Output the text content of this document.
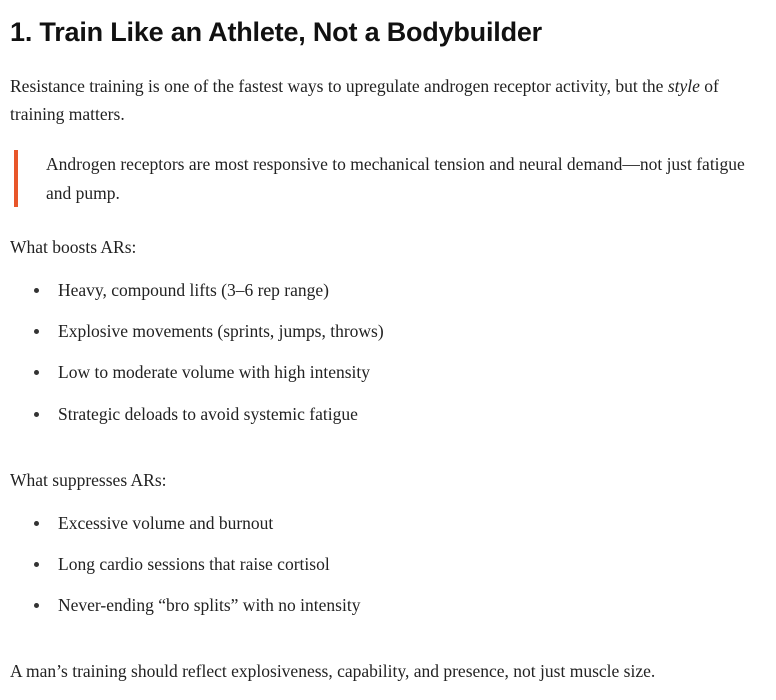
1. Train Like an Athlete, Not a Bodybuilder

Resistance training is one of the fastest ways to upregulate androgen receptor activity, but the style of training matters.

Androgen receptors are most responsive to mechanical tension and neural demand—not just fatigue and pump.

What boosts ARs:

Heavy, compound lifts (3–6 rep range)
Explosive movements (sprints, jumps, throws)
Low to moderate volume with high intensity
Strategic deloads to avoid systemic fatigue

What suppresses ARs:

Excessive volume and burnout
Long cardio sessions that raise cortisol
Never-ending “bro splits” with no intensity

A man’s training should reflect explosiveness, capability, and presence, not just muscle size.
